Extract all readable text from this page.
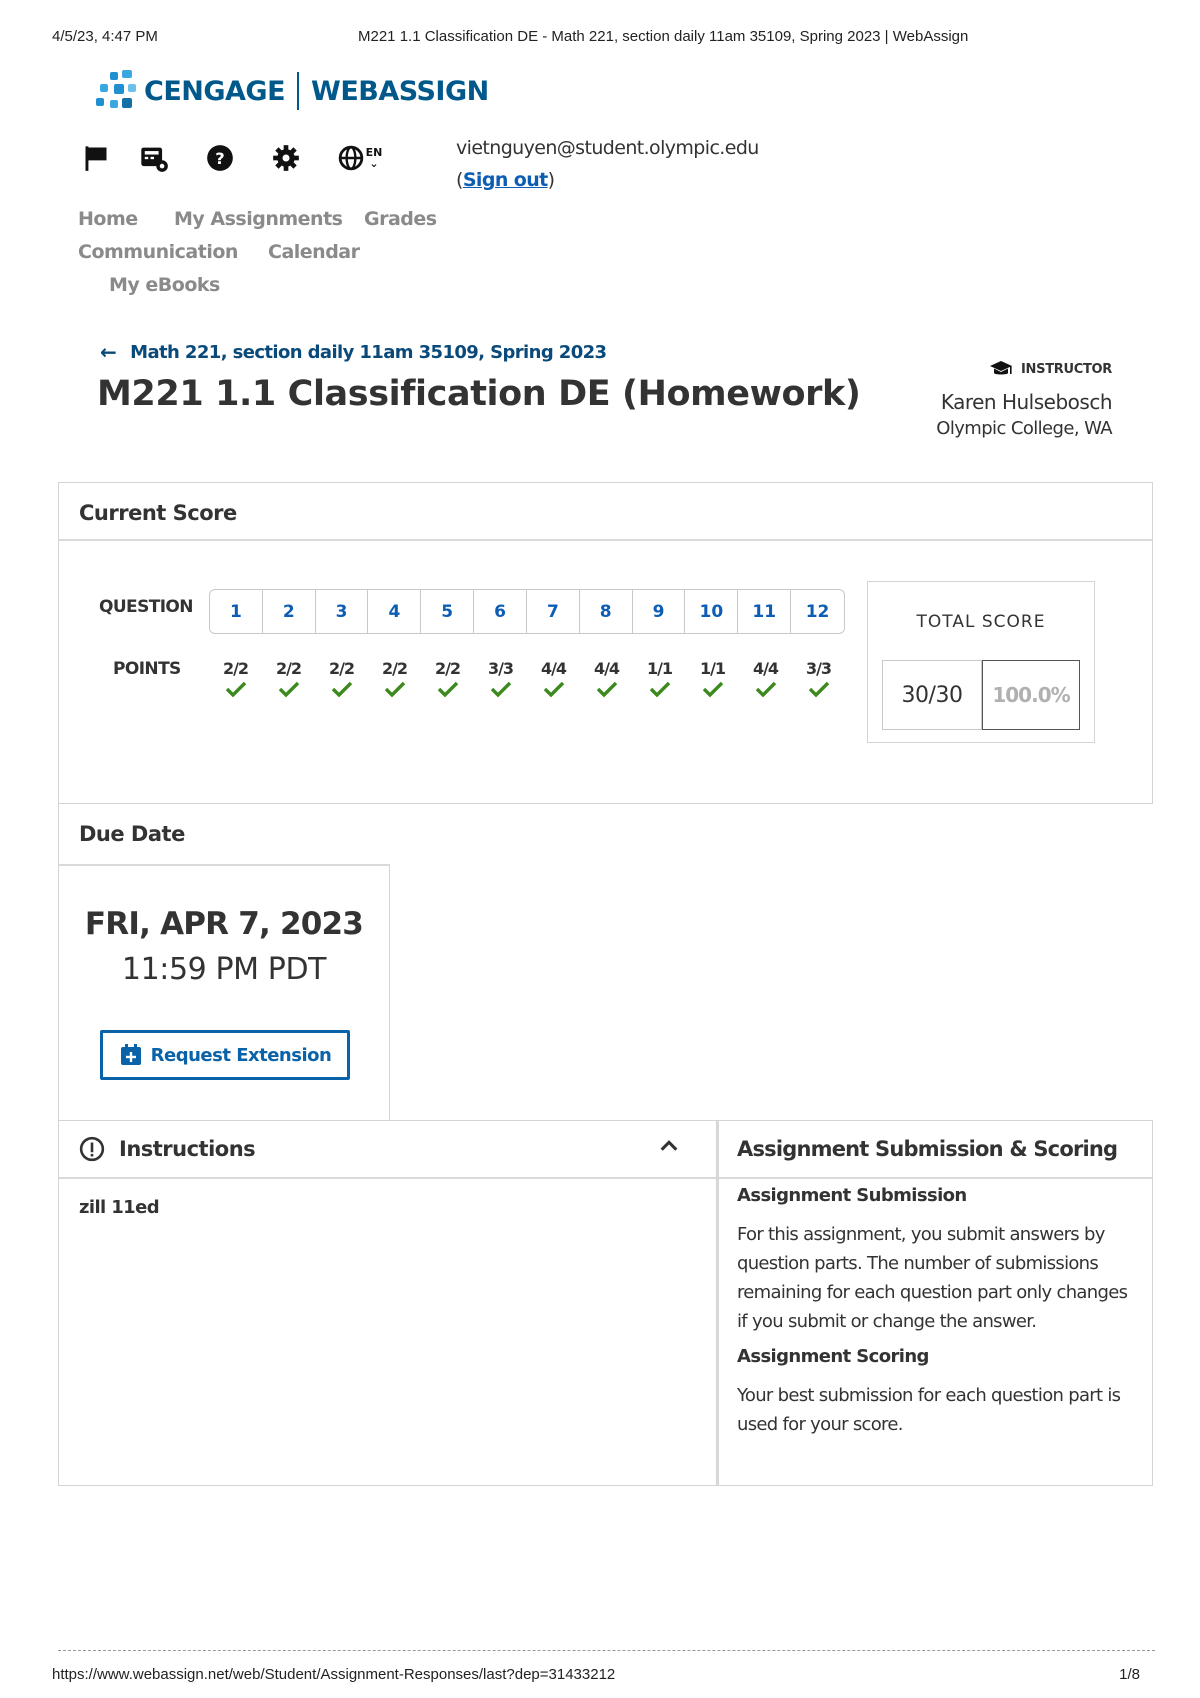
4/5/23, 4:47 PM	M221 1.1 Classification DE - Math 221, section daily 11am 35109, Spring 2023 | WebAssign
CENGAGE WEBASSIGN
?	EN
⌄
vietnguyen@student.olympic.edu
(Sign out)
Home My Assignments Grades
Communication Calendar
My eBooks
← Math 221, section daily 11am 35109, Spring 2023
M221 1.1 Classification DE (Homework)
INSTRUCTOR
Karen Hulsebosch
Olympic College, WA
Current Score
QUESTION
POINTS
1	2	3	4	5	6	7	8	9	10	11	12
2/2	2/2	2/2	2/2	2/2	3/3	4/4	4/4	1/1	1/1	4/4	3/3
TOTAL SCORE
30/30	100.0%
Due Date
FRI, APR 7, 2023
11:59 PM PDT
Request Extension
Instructions
zill 11ed
Assignment Submission & Scoring
Assignment Submission

For this assignment, you submit answers by question parts. The number of submissions remaining for each question part only changes if you submit or change the answer.

Assignment Scoring

Your best submission for each question part is used for your score.

https://www.webassign.net/web/Student/Assignment-Responses/last?dep=31433212	1/8
